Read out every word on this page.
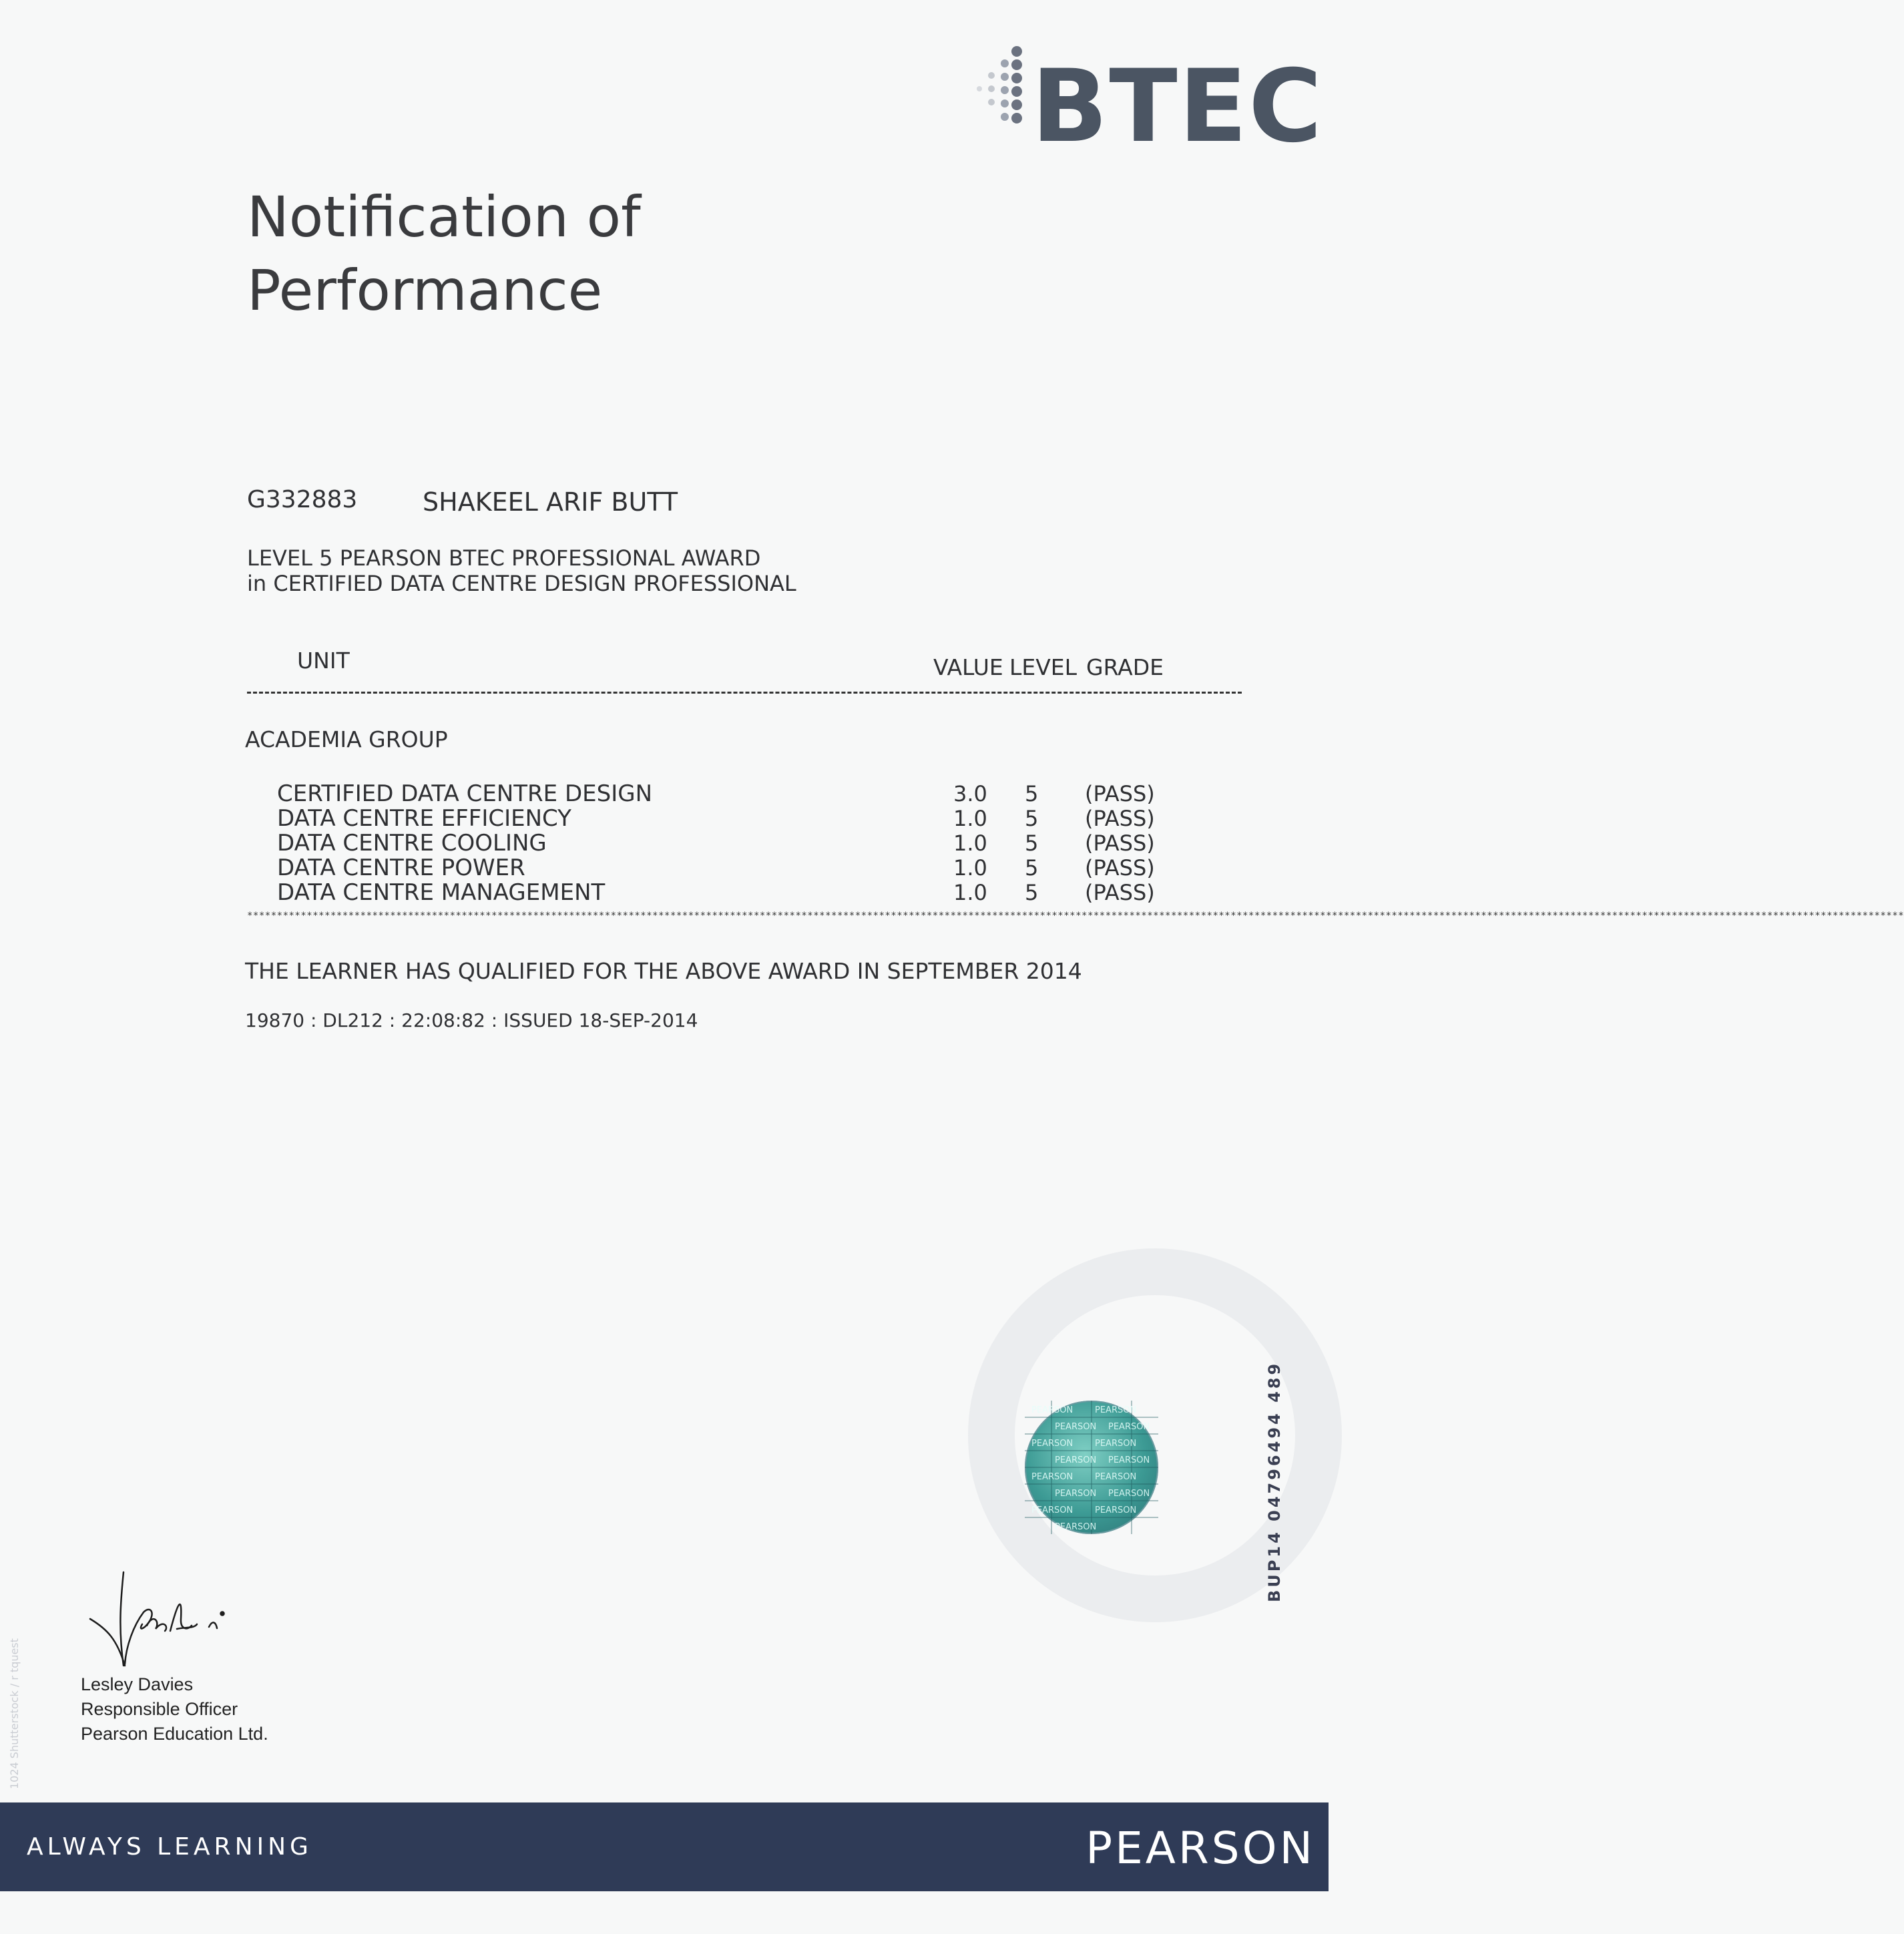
BTEC
Notification of
Performance
G332883	SHAKEEL ARIF BUTT
LEVEL 5 PEARSON BTEC PROFESSIONAL AWARD
in CERTIFIED DATA CENTRE DESIGN PROFESSIONAL
UNIT	VALUE LEVEL GRADE
ACADEMIA GROUP
CERTIFIED DATA CENTRE DESIGN	3.0 5 (PASS)
DATA CENTRE EFFICIENCY	1.0 5 (PASS)
DATA CENTRE COOLING	1.0 5 (PASS)
DATA CENTRE POWER	1.0 5 (PASS)
DATA CENTRE MANAGEMENT	1.0 5 (PASS)
**************************************************************************************************************************************************************************************************************************************************************************************
THE LEARNER HAS QUALIFIED FOR THE ABOVE AWARD IN SEPTEMBER 2014
19870 : DL212 : 22:08:82 : ISSUED 18-SEP-2014
PEARSON	PEARSON
PEARSON PEARSON
PEARSON	PEARSON
PEARSON PEARSON
PEARSON	PEARSON
PEARSON PEARSON
PEARSON	PEARSON
PEARSON	BUP14 04796494 489
1024 Shutterstock / r tquest	Lesley Davies
Responsible Officer
Pearson Education Ltd.
ALWAYS LEARNING	PEARSON
